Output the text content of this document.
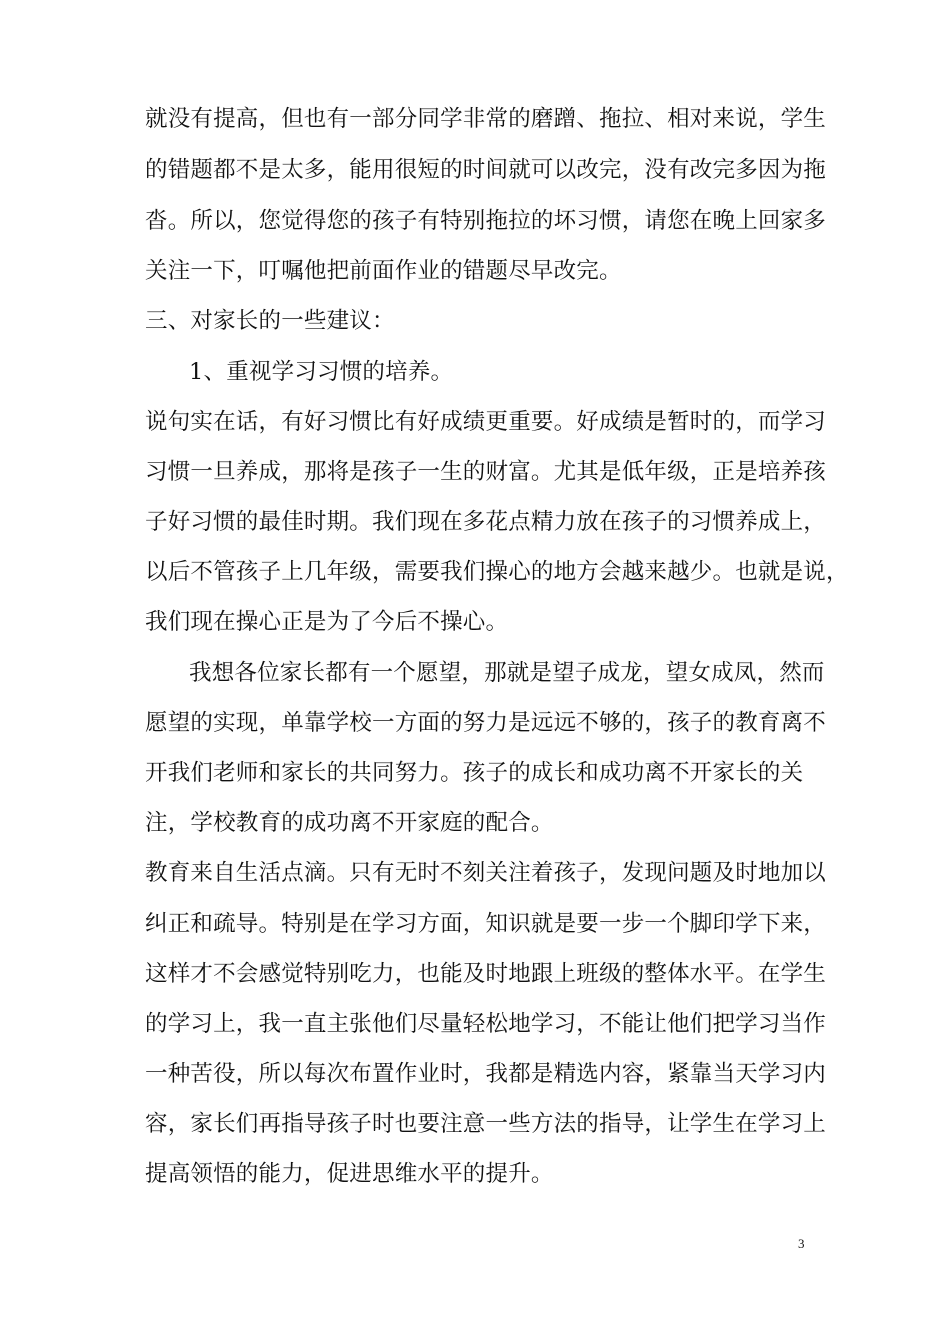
就没有提高，但也有一部分同学非常的磨蹭、拖拉、相对来说，学生
的错题都不是太多，能用很短的时间就可以改完，没有改完多因为拖
沓。所以，您觉得您的孩子有特别拖拉的坏习惯，请您在晚上回家多
关注一下，叮嘱他把前面作业的错题尽早改完。
三、对家长的一些建议：
1、重视学习习惯的培养。
说句实在话，有好习惯比有好成绩更重要。好成绩是暂时的，而学习
习惯一旦养成，那将是孩子一生的财富。尤其是低年级，正是培养孩
子好习惯的最佳时期。我们现在多花点精力放在孩子的习惯养成上，
以后不管孩子上几年级，需要我们操心的地方会越来越少。也就是说，
我们现在操心正是为了今后不操心。
我想各位家长都有一个愿望，那就是望子成龙，望女成凤，然而
愿望的实现，单靠学校一方面的努力是远远不够的，孩子的教育离不
开我们老师和家长的共同努力。孩子的成长和成功离不开家长的关
注，学校教育的成功离不开家庭的配合。
教育来自生活点滴。只有无时不刻关注着孩子，发现问题及时地加以
纠正和疏导。特别是在学习方面，知识就是要一步一个脚印学下来，
这样才不会感觉特别吃力，也能及时地跟上班级的整体水平。在学生
的学习上，我一直主张他们尽量轻松地学习，不能让他们把学习当作
一种苦役，所以每次布置作业时，我都是精选内容，紧靠当天学习内
容，家长们再指导孩子时也要注意一些方法的指导，让学生在学习上
提高领悟的能力，促进思维水平的提升。
3
